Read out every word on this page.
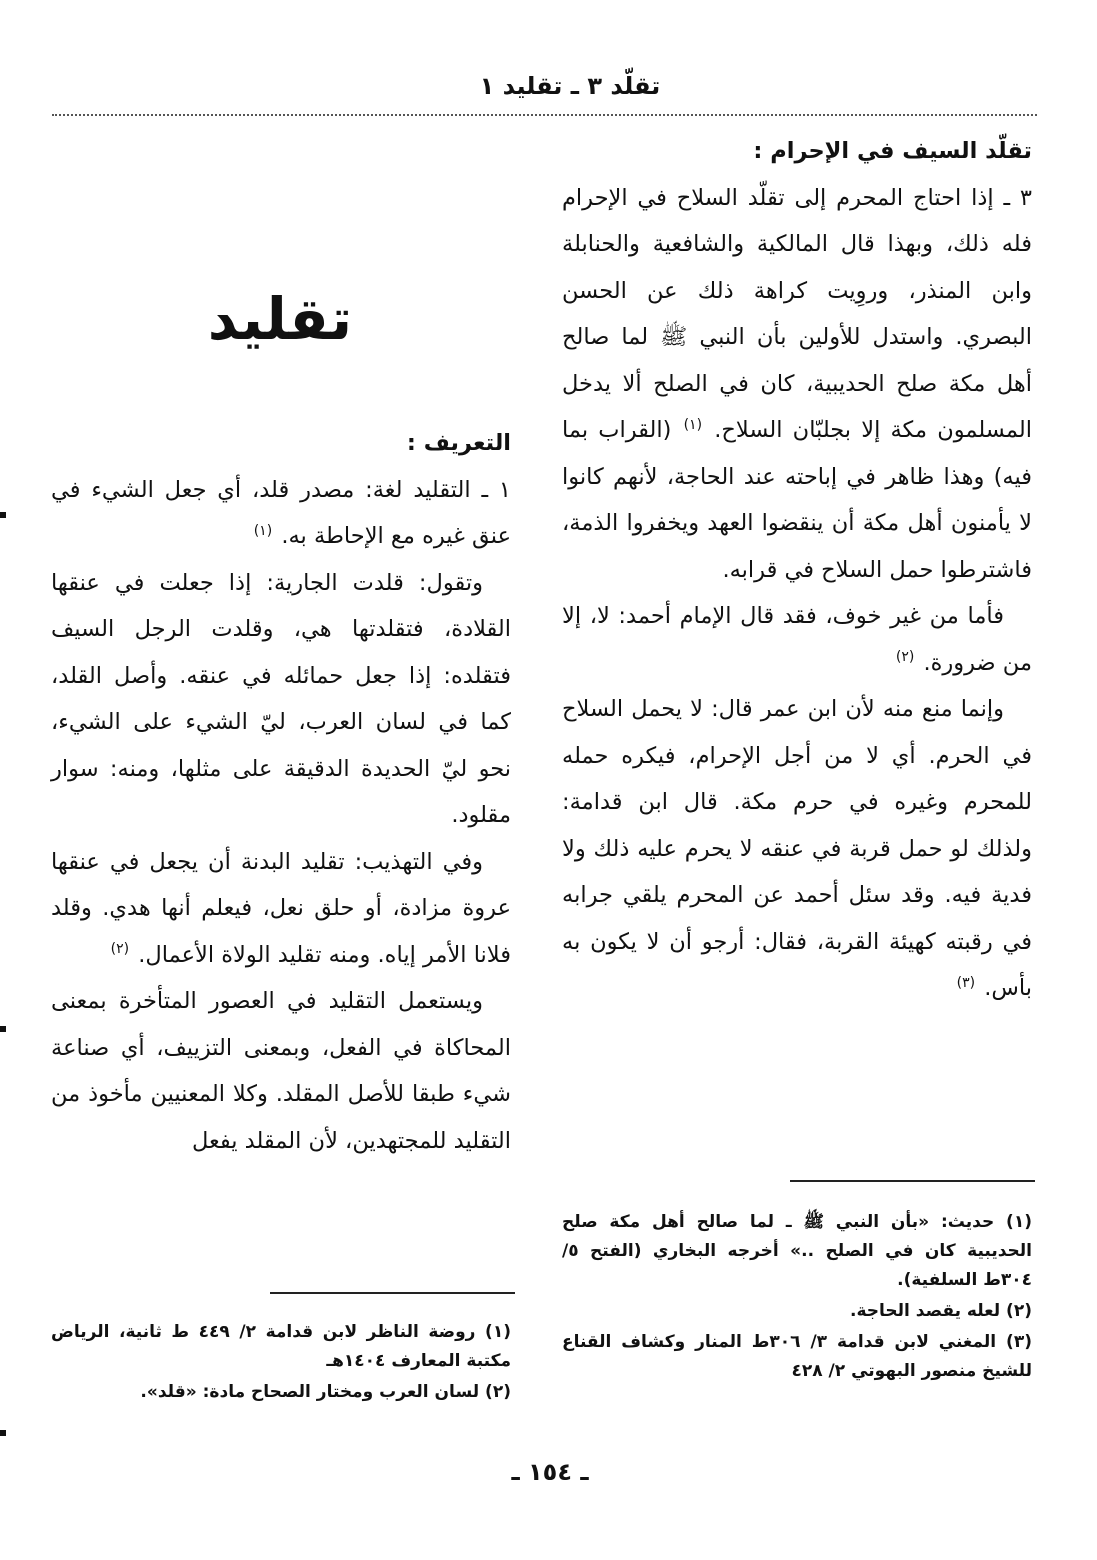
تقلّد ٣ ـ تقليد ١
تقليد

تقلّد السيف في الإحرام :

٣ ـ إذا احتاج المحرم إلى تقلّد السلاح في الإحرام فله ذلك، وبهذا قال المالكية والشافعية والحنابلة وابن المنذر، وروِيت كراهة ذلك عن الحسن البصري. واستدل للأولين بأن النبي ﷺ لما صالح أهل مكة صلح الحديبية، كان في الصلح ألا يدخل المسلمون مكة إلا بجلبّان السلاح. $^{(١)}$ (القراب بما فيه) وهذا ظاهر في إباحته عند الحاجة، لأنهم كانوا لا يأمنون أهل مكة أن ينقضوا العهد ويخفروا الذمة، فاشترطوا حمل السلاح في قرابه.

فأما من غير خوف، فقد قال الإمام أحمد: لا، إلا من ضرورة. $^{(٢)}$

وإنما منع منه لأن ابن عمر قال: لا يحمل السلاح في الحرم. أي لا من أجل الإحرام، فيكره حمله للمحرم وغيره في حرم مكة. قال ابن قدامة: ولذلك لو حمل قربة في عنقه لا يحرم عليه ذلك ولا فدية فيه. وقد سئل أحمد عن المحرم يلقي جرابه في رقبته كهيئة القربة، فقال: أرجو أن لا يكون به بأس. $^{(٣)}$

التعريف :

١ ـ التقليد لغة: مصدر قلد، أي جعل الشيء في عنق غيره مع الإحاطة به. $^{(١)}$

وتقول: قلدت الجارية: إذا جعلت في عنقها القلادة، فتقلدتها هي، وقلدت الرجل السيف فتقلده: إذا جعل حمائله في عنقه. وأصل القلد، كما في لسان العرب، ليّ الشيء على الشيء، نحو ليّ الحديدة الدقيقة على مثلها، ومنه: سوار مقلود.

وفي التهذيب: تقليد البدنة أن يجعل في عنقها عروة مزادة، أو حلق نعل، فيعلم أنها هدي. وقلد فلانا الأمر إياه. ومنه تقليد الولاة الأعمال. $^{(٢)}$

ويستعمل التقليد في العصور المتأخرة بمعنى المحاكاة في الفعل، وبمعنى التزييف، أي صناعة شيء طبقا للأصل المقلد. وكلا المعنيين مأخوذ من التقليد للمجتهدين، لأن المقلد يفعل

(١) حديث: «بأن النبي ﷺ ـ لما صالح أهل مكة صلح الحديبية كان في الصلح ..» أخرجه البخاري (الفتح ٥/ ٣٠٤ط السلفية).

(٢) لعله يقصد الحاجة.

(٣) المغني لابن قدامة ٣/ ٣٠٦ط المنار وكشاف القناع للشيخ منصور البهوتي ٢/ ٤٢٨

(١) روضة الناظر لابن قدامة ٢/ ٤٤٩ ط ثانية، الرياض مكتبة المعارف ١٤٠٤هـ

(٢) لسان العرب ومختار الصحاح مادة: «قلد».

ـ ١٥٤ ـ
